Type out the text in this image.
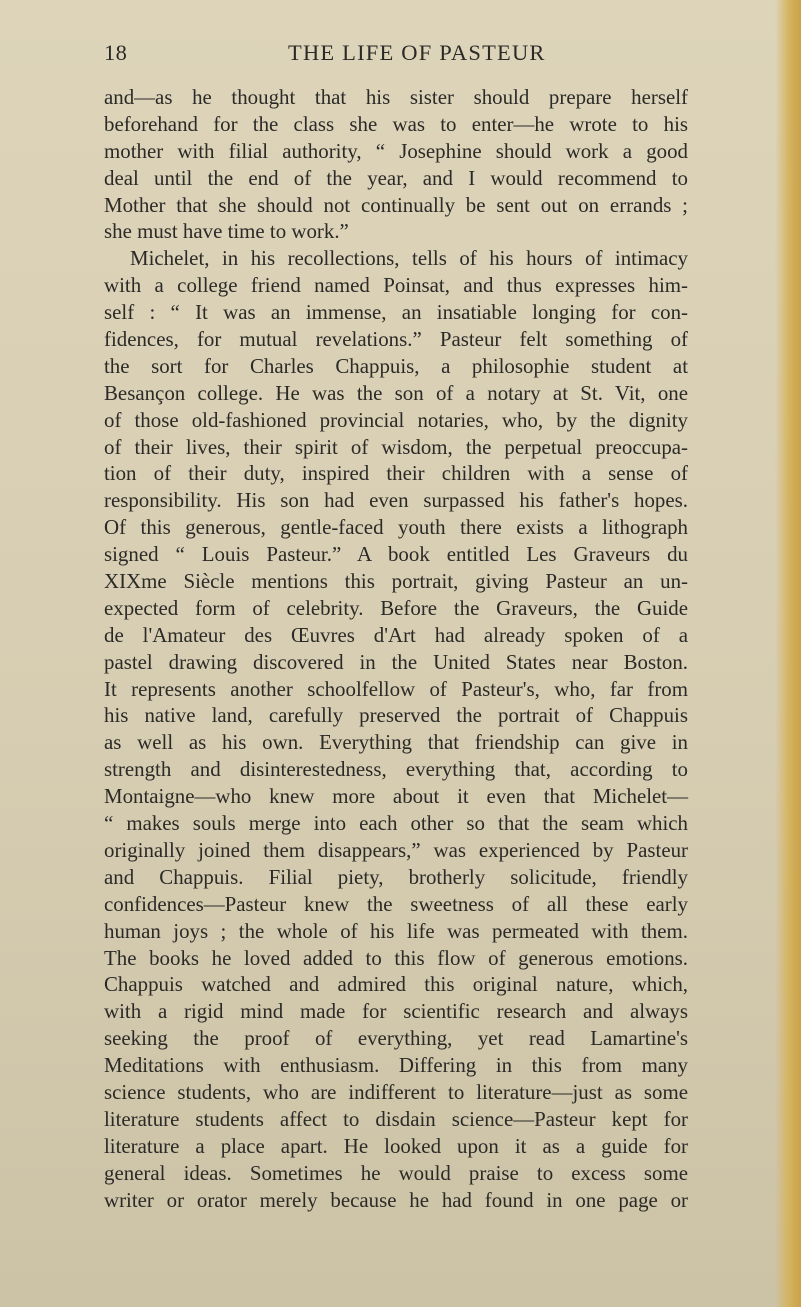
18	THE LIFE OF PASTEUR
and—as he thought that his sister should prepare herself
beforehand for the class she was to enter—he wrote to his
mother with filial authority, “ Josephine should work a good
deal until the end of the year, and I would recommend to
Mother that she should not continually be sent out on errands ;
she must have time to work.”
Michelet, in his recollections, tells of his hours of intimacy
with a college friend named Poinsat, and thus expresses him-
self : “ It was an immense, an insatiable longing for con-
fidences, for mutual revelations.” Pasteur felt something of
the sort for Charles Chappuis, a philosophie student at
Besançon college. He was the son of a notary at St. Vit, one
of those old-fashioned provincial notaries, who, by the dignity
of their lives, their spirit of wisdom, the perpetual preoccupa-
tion of their duty, inspired their children with a sense of
responsibility. His son had even surpassed his father's hopes.
Of this generous, gentle-faced youth there exists a lithograph
signed “ Louis Pasteur.” A book entitled Les Graveurs du
XIXme Siècle mentions this portrait, giving Pasteur an un-
expected form of celebrity. Before the Graveurs, the Guide
de l'Amateur des Œuvres d'Art had already spoken of a
pastel drawing discovered in the United States near Boston.
It represents another schoolfellow of Pasteur's, who, far from
his native land, carefully preserved the portrait of Chappuis
as well as his own. Everything that friendship can give in
strength and disinterestedness, everything that, according to
Montaigne—who knew more about it even that Michelet—
“ makes souls merge into each other so that the seam which
originally joined them disappears,” was experienced by Pasteur
and Chappuis. Filial piety, brotherly solicitude, friendly
confidences—Pasteur knew the sweetness of all these early
human joys ; the whole of his life was permeated with them.
The books he loved added to this flow of generous emotions.
Chappuis watched and admired this original nature, which,
with a rigid mind made for scientific research and always
seeking the proof of everything, yet read Lamartine's
Meditations with enthusiasm. Differing in this from many
science students, who are indifferent to literature—just as some
literature students affect to disdain science—Pasteur kept for
literature a place apart. He looked upon it as a guide for
general ideas. Sometimes he would praise to excess some
writer or orator merely because he had found in one page or
